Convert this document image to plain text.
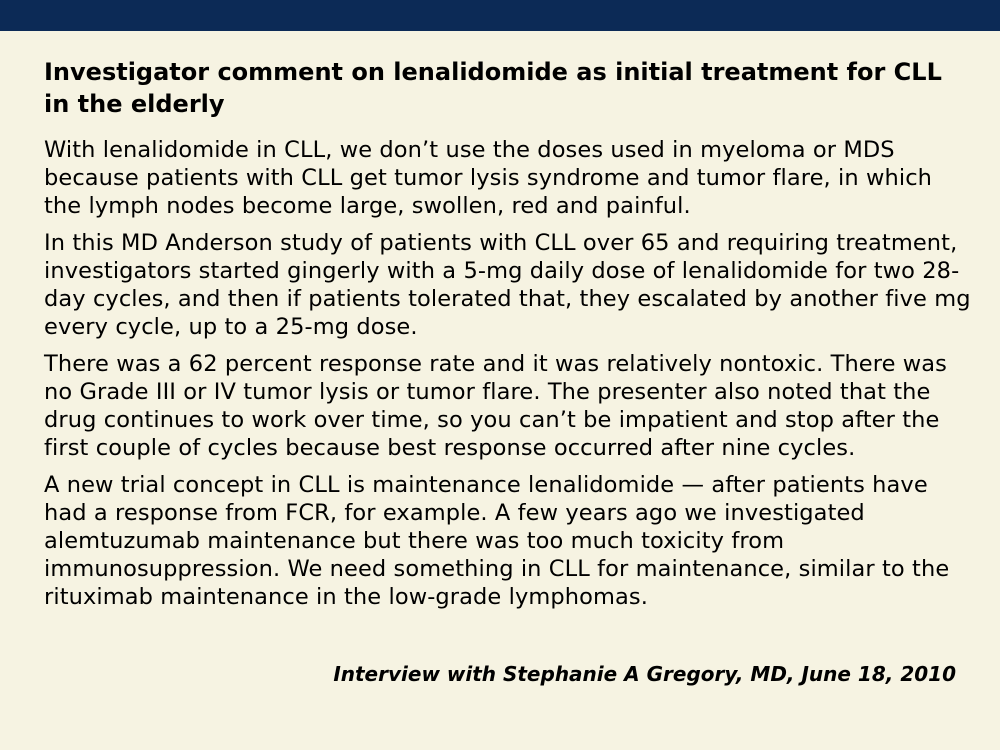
Investigator comment on lenalidomide as initial treatment for CLL in the elderly

With lenalidomide in CLL, we don’t use the doses used in myeloma or MDS because patients with CLL get tumor lysis syndrome and tumor flare, in which the lymph nodes become large, swollen, red and painful.

In this MD Anderson study of patients with CLL over 65 and requiring treatment, investigators started gingerly with a 5-mg daily dose of lenalidomide for two 28-day cycles, and then if patients tolerated that, they escalated by another five mg every cycle, up to a 25-mg dose.

There was a 62 percent response rate and it was relatively nontoxic. There was no Grade III or IV tumor lysis or tumor flare. The presenter also noted that the drug continues to work over time, so you can’t be impatient and stop after the first couple of cycles because best response occurred after nine cycles.

A new trial concept in CLL is maintenance lenalidomide — after patients have had a response from FCR, for example. A few years ago we investigated alemtuzumab maintenance but there was too much toxicity from immunosuppression. We need something in CLL for maintenance, similar to the rituximab maintenance in the low-grade lymphomas.

Interview with Stephanie A Gregory, MD, June 18, 2010
